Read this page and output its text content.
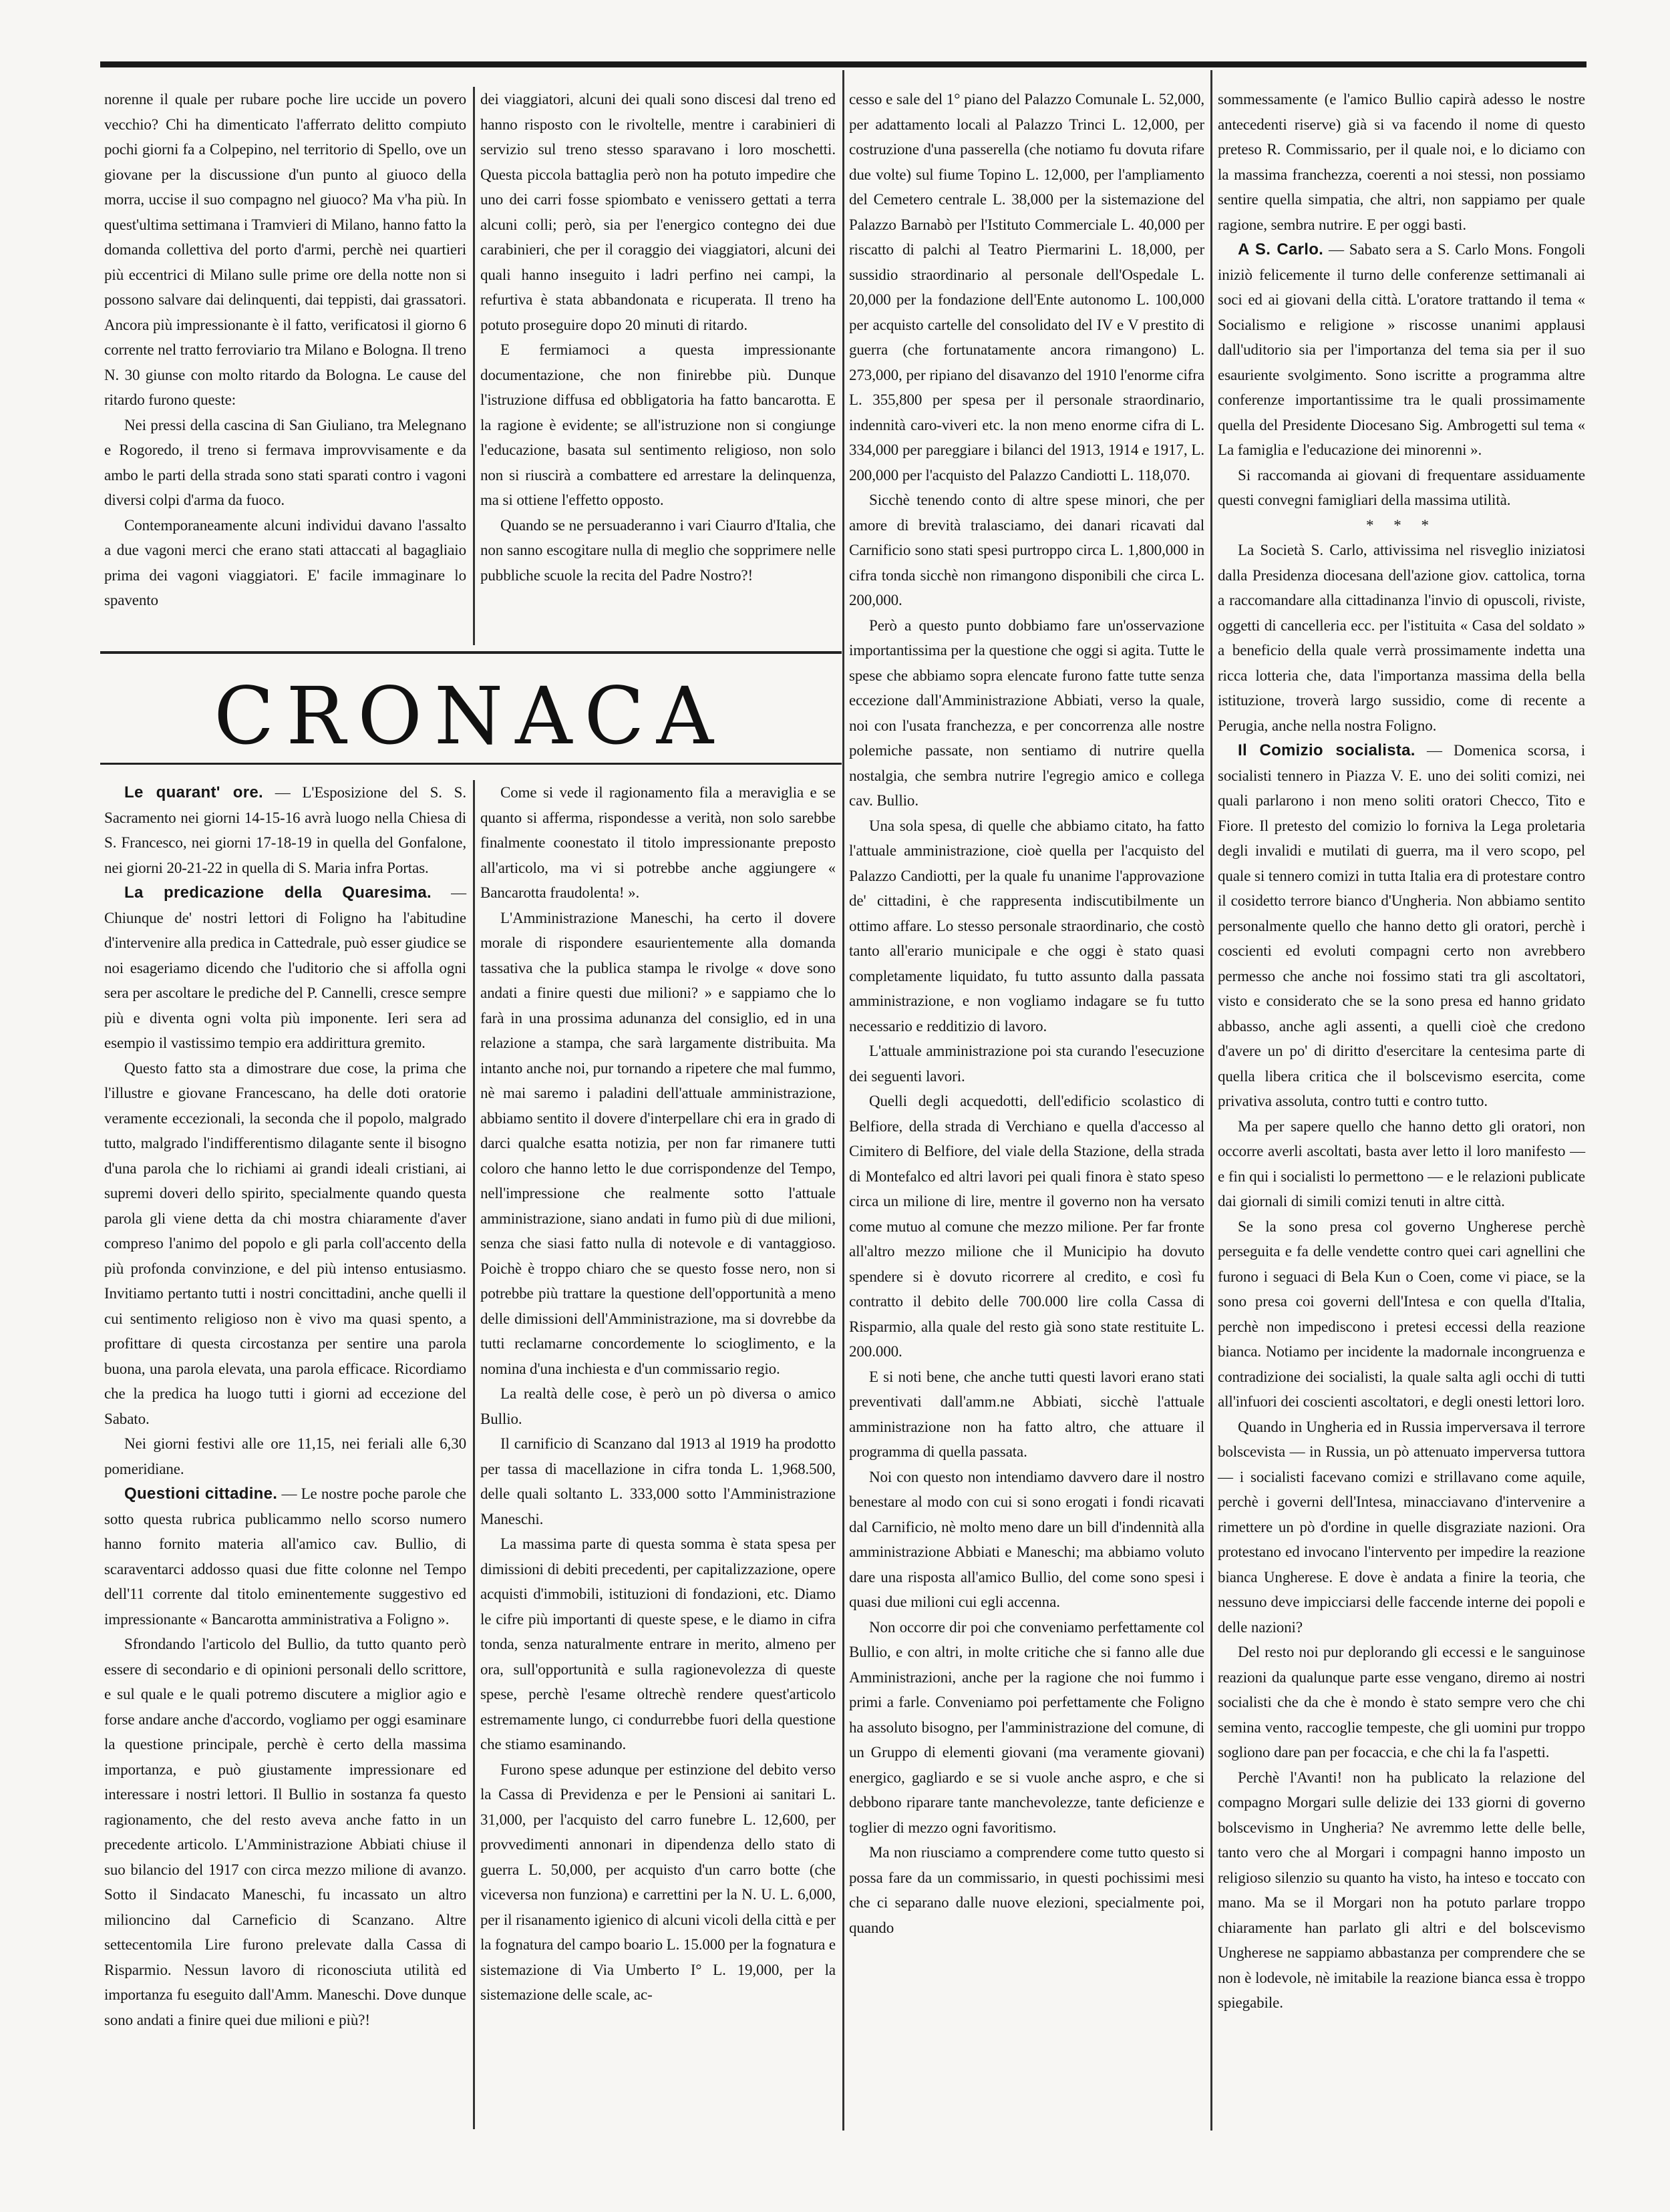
norenne il quale per rubare poche lire uccide un povero vecchio? Chi ha dimenticato l'afferrato delitto compiuto pochi giorni fa a Colpepino, nel territorio di Spello, ove un giovane per la discussione d'un punto al giuoco della morra, uccise il suo compagno nel giuoco? Ma v'ha più. In quest'ultima settimana i Tramvieri di Milano, hanno fatto la domanda collettiva del porto d'armi, perchè nei quartieri più eccentrici di Milano sulle prime ore della notte non si possono salvare dai delinquenti, dai teppisti, dai grassatori. Ancora più impressionante è il fatto, verificatosi il giorno 6 corrente nel tratto ferroviario tra Milano e Bologna. Il treno N. 30 giunse con molto ritardo da Bologna. Le cause del ritardo furono queste:

Nei pressi della cascina di San Giuliano, tra Melegnano e Rogoredo, il treno si fermava improvvisamente e da ambo le parti della strada sono stati sparati contro i vagoni diversi colpi d'arma da fuoco.

Contemporaneamente alcuni individui davano l'assalto a due vagoni merci che erano stati attaccati al bagagliaio prima dei vagoni viaggiatori. E' facile immaginare lo spavento

dei viaggiatori, alcuni dei quali sono discesi dal treno ed hanno risposto con le rivoltelle, mentre i carabinieri di servizio sul treno stesso sparavano i loro moschetti. Questa piccola battaglia però non ha potuto impedire che uno dei carri fosse spiombato e venissero gettati a terra alcuni colli; però, sia per l'energico contegno dei due carabinieri, che per il coraggio dei viaggiatori, alcuni dei quali hanno inseguito i ladri perfino nei campi, la refurtiva è stata abbandonata e ricuperata. Il treno ha potuto proseguire dopo 20 minuti di ritardo.

E fermiamoci a questa impressionante documentazione, che non finirebbe più. Dunque l'istruzione diffusa ed obbligatoria ha fatto bancarotta. E la ragione è evidente; se all'istruzione non si congiunge l'educazione, basata sul sentimento religioso, non solo non si riuscirà a combattere ed arrestare la delinquenza, ma si ottiene l'effetto opposto.

Quando se ne persuaderanno i vari Ciaurro d'Italia, che non sanno escogitare nulla di meglio che sopprimere nelle pubbliche scuole la recita del Padre Nostro?!

CRONACA

Le quarant' ore. — L'Esposizione del S. S. Sacramento nei giorni 14-15-16 avrà luogo nella Chiesa di S. Francesco, nei giorni 17-18-19 in quella del Gonfalone, nei giorni 20-21-22 in quella di S. Maria infra Portas.

La predicazione della Quaresima. — Chiunque de' nostri lettori di Foligno ha l'abitudine d'intervenire alla predica in Cattedrale, può esser giudice se noi esageriamo dicendo che l'uditorio che si affolla ogni sera per ascoltare le prediche del P. Cannelli, cresce sempre più e diventa ogni volta più imponente. Ieri sera ad esempio il vastissimo tempio era addirittura gremito.

Questo fatto sta a dimostrare due cose, la prima che l'illustre e giovane Francescano, ha delle doti oratorie veramente eccezionali, la seconda che il popolo, malgrado tutto, malgrado l'indifferentismo dilagante sente il bisogno d'una parola che lo richiami ai grandi ideali cristiani, ai supremi doveri dello spirito, specialmente quando questa parola gli viene detta da chi mostra chiaramente d'aver compreso l'animo del popolo e gli parla coll'accento della più profonda convinzione, e del più intenso entusiasmo. Invitiamo pertanto tutti i nostri concittadini, anche quelli il cui sentimento religioso non è vivo ma quasi spento, a profittare di questa circostanza per sentire una parola buona, una parola elevata, una parola efficace. Ricordiamo che la predica ha luogo tutti i giorni ad eccezione del Sabato.

Nei giorni festivi alle ore 11,15, nei feriali alle 6,30 pomeridiane.

Questioni cittadine. — Le nostre poche parole che sotto questa rubrica publicammo nello scorso numero hanno fornito materia all'amico cav. Bullio, di scaraventarci addosso quasi due fitte colonne nel Tempo dell'11 corrente dal titolo eminentemente suggestivo ed impressionante « Bancarotta amministrativa a Foligno ».

Sfrondando l'articolo del Bullio, da tutto quanto però essere di secondario e di opinioni personali dello scrittore, e sul quale e le quali potremo discutere a miglior agio e forse andare anche d'accordo, vogliamo per oggi esaminare la questione principale, perchè è certo della massima importanza, e può giustamente impressionare ed interessare i nostri lettori. Il Bullio in sostanza fa questo ragionamento, che del resto aveva anche fatto in un precedente articolo. L'Amministrazione Abbiati chiuse il suo bilancio del 1917 con circa mezzo milione di avanzo. Sotto il Sindacato Maneschi, fu incassato un altro milioncino dal Carneficio di Scanzano. Altre settecentomila Lire furono prelevate dalla Cassa di Risparmio. Nessun lavoro di riconosciuta utilità ed importanza fu eseguito dall'Amm. Maneschi. Dove dunque sono andati a finire quei due milioni e più?!

Come si vede il ragionamento fila a meraviglia e se quanto si afferma, rispondesse a verità, non solo sarebbe finalmente coonestato il titolo impressionante preposto all'articolo, ma vi si potrebbe anche aggiungere « Bancarotta fraudolenta! ».

L'Amministrazione Maneschi, ha certo il dovere morale di rispondere esaurientemente alla domanda tassativa che la publica stampa le rivolge « dove sono andati a finire questi due milioni? » e sappiamo che lo farà in una prossima adunanza del consiglio, ed in una relazione a stampa, che sarà largamente distribuita. Ma intanto anche noi, pur tornando a ripetere che mal fummo, nè mai saremo i paladini dell'attuale amministrazione, abbiamo sentito il dovere d'interpellare chi era in grado di darci qualche esatta notizia, per non far rimanere tutti coloro che hanno letto le due corrispondenze del Tempo, nell'impressione che realmente sotto l'attuale amministrazione, siano andati in fumo più di due milioni, senza che siasi fatto nulla di notevole e di vantaggioso. Poichè è troppo chiaro che se questo fosse nero, non si potrebbe più trattare la questione dell'opportunità a meno delle dimissioni dell'Amministrazione, ma si dovrebbe da tutti reclamarne concordemente lo scioglimento, e la nomina d'una inchiesta e d'un commissario regio.

La realtà delle cose, è però un pò diversa o amico Bullio.

Il carnificio di Scanzano dal 1913 al 1919 ha prodotto per tassa di macellazione in cifra tonda L. 1,968.500, delle quali soltanto L. 333,000 sotto l'Amministrazione Maneschi.

La massima parte di questa somma è stata spesa per dimissioni di debiti precedenti, per capitalizzazione, opere acquisti d'immobili, istituzioni di fondazioni, etc. Diamo le cifre più importanti di queste spese, e le diamo in cifra tonda, senza naturalmente entrare in merito, almeno per ora, sull'opportunità e sulla ragionevolezza di queste spese, perchè l'esame oltrechè rendere quest'articolo estremamente lungo, ci condurrebbe fuori della questione che stiamo esaminando.

Furono spese adunque per estinzione del debito verso la Cassa di Previdenza e per le Pensioni ai sanitari L. 31,000, per l'acquisto del carro funebre L. 12,600, per provvedimenti annonari in dipendenza dello stato di guerra L. 50,000, per acquisto d'un carro botte (che viceversa non funziona) e carrettini per la N. U. L. 6,000, per il risanamento igienico di alcuni vicoli della città e per la fognatura del campo boario L. 15.000 per la fognatura e sistemazione di Via Umberto I° L. 19,000, per la sistemazione delle scale, ac-

cesso e sale del 1° piano del Palazzo Comunale L. 52,000, per adattamento locali al Palazzo Trinci L. 12,000, per costruzione d'una passerella (che notiamo fu dovuta rifare due volte) sul fiume Topino L. 12,000, per l'ampliamento del Cemetero centrale L. 38,000 per la sistemazione del Palazzo Barnabò per l'Istituto Commerciale L. 40,000 per riscatto di palchi al Teatro Piermarini L. 18,000, per sussidio straordinario al personale dell'Ospedale L. 20,000 per la fondazione dell'Ente autonomo L. 100,000 per acquisto cartelle del consolidato del IV e V prestito di guerra (che fortunatamente ancora rimangono) L. 273,000, per ripiano del disavanzo del 1910 l'enorme cifra L. 355,800 per spesa per il personale straordinario, indennità caro-viveri etc. la non meno enorme cifra di L. 334,000 per pareggiare i bilanci del 1913, 1914 e 1917, L. 200,000 per l'acquisto del Palazzo Candiotti L. 118,070.

Sicchè tenendo conto di altre spese minori, che per amore di brevità tralasciamo, dei danari ricavati dal Carnificio sono stati spesi purtroppo circa L. 1,800,000 in cifra tonda sicchè non rimangono disponibili che circa L. 200,000.

Però a questo punto dobbiamo fare un'osservazione importantissima per la questione che oggi si agita. Tutte le spese che abbiamo sopra elencate furono fatte tutte senza eccezione dall'Amministrazione Abbiati, verso la quale, noi con l'usata franchezza, e per concorrenza alle nostre polemiche passate, non sentiamo di nutrire quella nostalgia, che sembra nutrire l'egregio amico e collega cav. Bullio.

Una sola spesa, di quelle che abbiamo citato, ha fatto l'attuale amministrazione, cioè quella per l'acquisto del Palazzo Candiotti, per la quale fu unanime l'approvazione de' cittadini, è che rappresenta indiscutibilmente un ottimo affare. Lo stesso personale straordinario, che costò tanto all'erario municipale e che oggi è stato quasi completamente liquidato, fu tutto assunto dalla passata amministrazione, e non vogliamo indagare se fu tutto necessario e redditizio di lavoro.

L'attuale amministrazione poi sta curando l'esecuzione dei seguenti lavori.

Quelli degli acquedotti, dell'edificio scolastico di Belfiore, della strada di Verchiano e quella d'accesso al Cimitero di Belfiore, del viale della Stazione, della strada di Montefalco ed altri lavori pei quali finora è stato speso circa un milione di lire, mentre il governo non ha versato come mutuo al comune che mezzo milione. Per far fronte all'altro mezzo milione che il Municipio ha dovuto spendere si è dovuto ricorrere al credito, e così fu contratto il debito delle 700.000 lire colla Cassa di Risparmio, alla quale del resto già sono state restituite L. 200.000.

E si noti bene, che anche tutti questi lavori erano stati preventivati dall'amm.ne Abbiati, sicchè l'attuale amministrazione non ha fatto altro, che attuare il programma di quella passata.

Noi con questo non intendiamo davvero dare il nostro benestare al modo con cui si sono erogati i fondi ricavati dal Carnificio, nè molto meno dare un bill d'indennità alla amministrazione Abbiati e Maneschi; ma abbiamo voluto dare una risposta all'amico Bullio, del come sono spesi i quasi due milioni cui egli accenna.

Non occorre dir poi che conveniamo perfettamente col Bullio, e con altri, in molte critiche che si fanno alle due Amministrazioni, anche per la ragione che noi fummo i primi a farle. Conveniamo poi perfettamente che Foligno ha assoluto bisogno, per l'amministrazione del comune, di un Gruppo di elementi giovani (ma veramente giovani) energico, gagliardo e se si vuole anche aspro, e che si debbono riparare tante manchevolezze, tante deficienze e toglier di mezzo ogni favoritismo.

Ma non riusciamo a comprendere come tutto questo si possa fare da un commissario, in questi pochissimi mesi che ci separano dalle nuove elezioni, specialmente poi, quando

sommessamente (e l'amico Bullio capirà adesso le nostre antecedenti riserve) già si va facendo il nome di questo preteso R. Commissario, per il quale noi, e lo diciamo con la massima franchezza, coerenti a noi stessi, non possiamo sentire quella simpatia, che altri, non sappiamo per quale ragione, sembra nutrire. E per oggi basti.

A S. Carlo. — Sabato sera a S. Carlo Mons. Fongoli iniziò felicemente il turno delle conferenze settimanali ai soci ed ai giovani della città. L'oratore trattando il tema « Socialismo e religione » riscosse unanimi applausi dall'uditorio sia per l'importanza del tema sia per il suo esauriente svolgimento. Sono iscritte a programma altre conferenze importantissime tra le quali prossimamente quella del Presidente Diocesano Sig. Ambrogetti sul tema « La famiglia e l'educazione dei minorenni ».

Si raccomanda ai giovani di frequentare assiduamente questi convegni famigliari della massima utilità.

* * *

La Società S. Carlo, attivissima nel risveglio iniziatosi dalla Presidenza diocesana dell'azione giov. cattolica, torna a raccomandare alla cittadinanza l'invio di opuscoli, riviste, oggetti di cancelleria ecc. per l'istituita « Casa del soldato » a beneficio della quale verrà prossimamente indetta una ricca lotteria che, data l'importanza massima della bella istituzione, troverà largo sussidio, come di recente a Perugia, anche nella nostra Foligno.

Il Comizio socialista. — Domenica scorsa, i socialisti tennero in Piazza V. E. uno dei soliti comizi, nei quali parlarono i non meno soliti oratori Checco, Tito e Fiore. Il pretesto del comizio lo forniva la Lega proletaria degli invalidi e mutilati di guerra, ma il vero scopo, pel quale si tennero comizi in tutta Italia era di protestare contro il cosidetto terrore bianco d'Ungheria. Non abbiamo sentito personalmente quello che hanno detto gli oratori, perchè i coscienti ed evoluti compagni certo non avrebbero permesso che anche noi fossimo stati tra gli ascoltatori, visto e considerato che se la sono presa ed hanno gridato abbasso, anche agli assenti, a quelli cioè che credono d'avere un po' di diritto d'esercitare la centesima parte di quella libera critica che il bolscevismo esercita, come privativa assoluta, contro tutti e contro tutto.

Ma per sapere quello che hanno detto gli oratori, non occorre averli ascoltati, basta aver letto il loro manifesto — e fin qui i socialisti lo permettono — e le relazioni publicate dai giornali di simili comizi tenuti in altre città.

Se la sono presa col governo Ungherese perchè perseguita e fa delle vendette contro quei cari agnellini che furono i seguaci di Bela Kun o Coen, come vi piace, se la sono presa coi governi dell'Intesa e con quella d'Italia, perchè non impediscono i pretesi eccessi della reazione bianca. Notiamo per incidente la madornale incongruenza e contradizione dei socialisti, la quale salta agli occhi di tutti all'infuori dei coscienti ascoltatori, e degli onesti lettori loro.

Quando in Ungheria ed in Russia imperversava il terrore bolscevista — in Russia, un pò attenuato imperversa tuttora — i socialisti facevano comizi e strillavano come aquile, perchè i governi dell'Intesa, minacciavano d'intervenire a rimettere un pò d'ordine in quelle disgraziate nazioni. Ora protestano ed invocano l'intervento per impedire la reazione bianca Ungherese. E dove è andata a finire la teoria, che nessuno deve impicciarsi delle faccende interne dei popoli e delle nazioni?

Del resto noi pur deplorando gli eccessi e le sanguinose reazioni da qualunque parte esse vengano, diremo ai nostri socialisti che da che è mondo è stato sempre vero che chi semina vento, raccoglie tempeste, che gli uomini pur troppo sogliono dare pan per focaccia, e che chi la fa l'aspetti.

Perchè l'Avanti! non ha publicato la relazione del compagno Morgari sulle delizie dei 133 giorni di governo bolscevismo in Ungheria? Ne avremmo lette delle belle, tanto vero che al Morgari i compagni hanno imposto un religioso silenzio su quanto ha visto, ha inteso e toccato con mano. Ma se il Morgari non ha potuto parlare troppo chiaramente han parlato gli altri e del bolscevismo Ungherese ne sappiamo abbastanza per comprendere che se non è lodevole, nè imitabile la reazione bianca essa è troppo spiegabile.
